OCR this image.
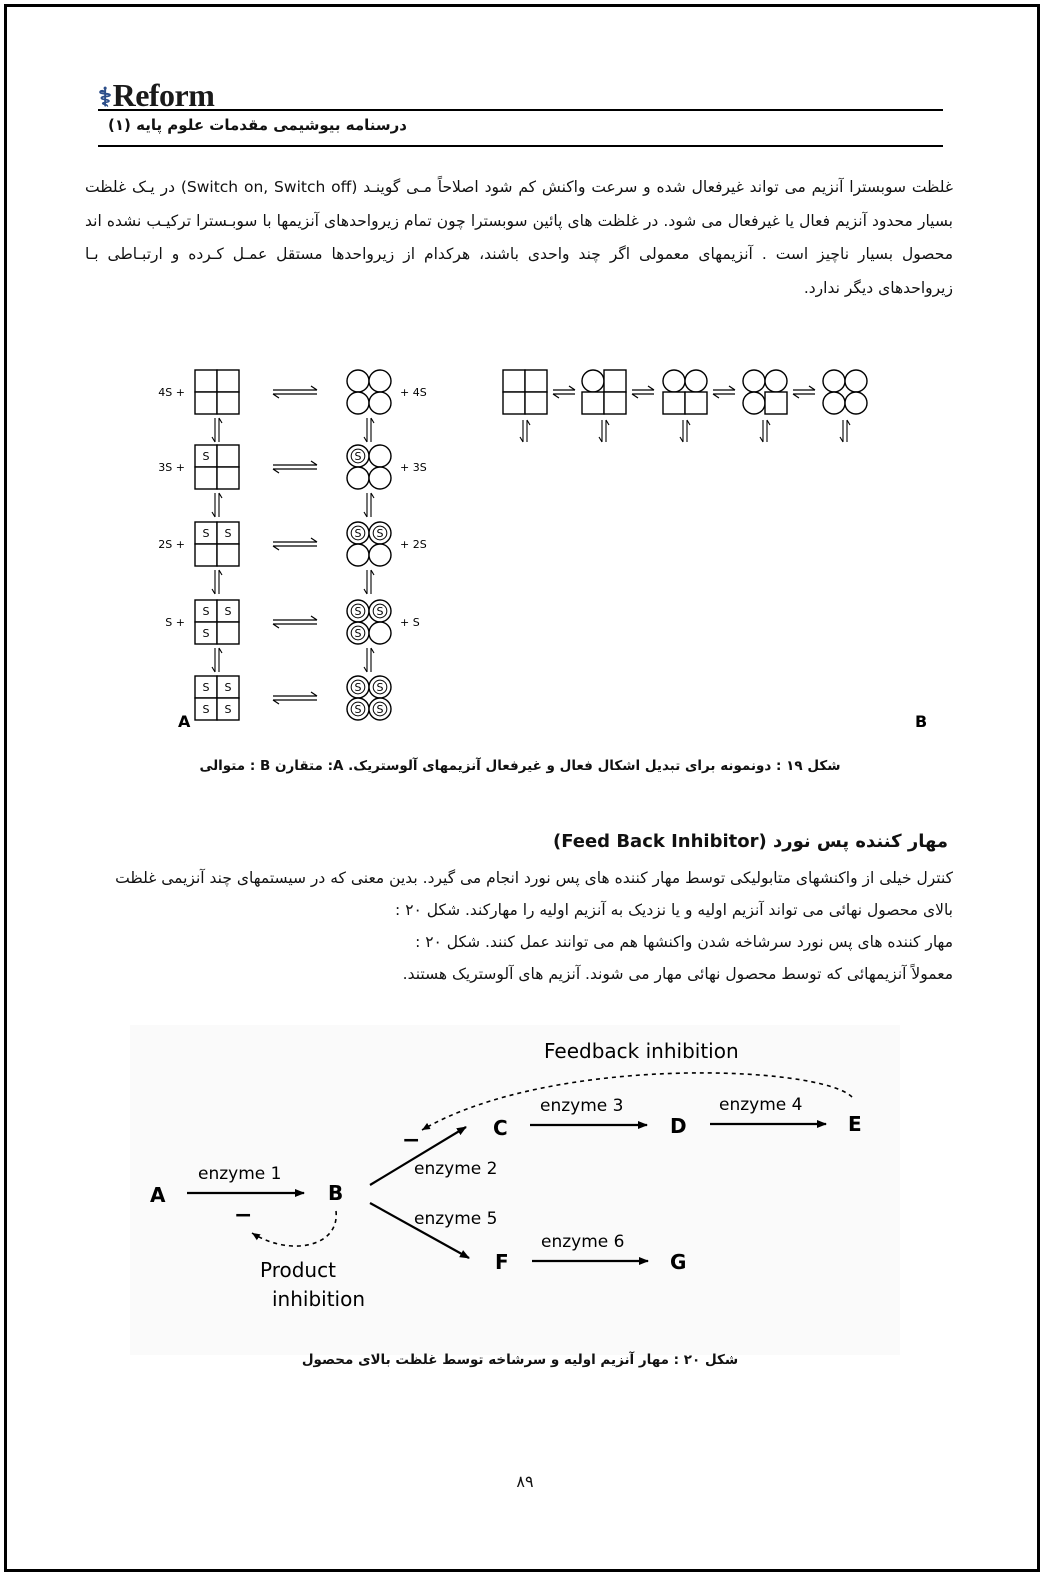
⚕Reform
درسنامه بیوشیمی مقدمات علوم پایه (۱)
غلظت سوبسترا آنزیم می تواند غیرفعال شده و سرعت واکنش کم شود اصلاحاً مـی گوینـد (Switch on, Switch off) در یـک غلظت بسیار محدود آنزیم فعال یا غیرفعال می شود. در غلظت های پائین سوبسترا چون تمام زیرواحدهای آنزیمها با سوبـسترا ترکیـب نشده اند محصول بسیار ناچیز است . آنزیمهای معمولی اگر چند واحدی باشند، هرکدام از زیرواحدها مستقل عمـل کـرده و ارتبـاطی بـا زیرواحدهای دیگر ندارد.
4S +	+ 4S
S
3S +
S
+ 3S
S S
2S +
S S
+ 2S
S S
S
S +
S S
S
+ S
S S
S S
S S
S S
A	B
شکل ۱۹ : دونمونه برای تبدیل اشکال فعال و غیرفعال آنزیمهای آلوستریک. A: متقارن B : متوالی
مهار کننده پس نورد (Feed Back Inhibitor)
کنترل خیلی از واکنشهای متابولیکی توسط مهار کننده های پس نورد انجام می گیرد. بدین معنی که در سیستمهای چند آنزیمی غلظت
بالای محصول نهائی می تواند آنزیم اولیه و یا نزدیک به آنزیم اولیه را مهارکند. شکل ۲۰ :
مهار کننده های پس نورد سرشاخه شدن واکنشها هم می توانند عمل کنند. شکل ۲۰ :
معمولاً آنزیمهائی که توسط محصول نهائی مهار می شوند. آنزیم های آلوستریک هستند.
Feedback inhibition
−
A	B
C	D	E
F	G
enzyme 1	enzyme 2
enzyme 3	enzyme 4
enzyme 5
enzyme 6
−
Product
inhibition
شکل ۲۰ : مهار آنزیم اولیه و سرشاخه توسط غلظت بالای محصول
۸۹
